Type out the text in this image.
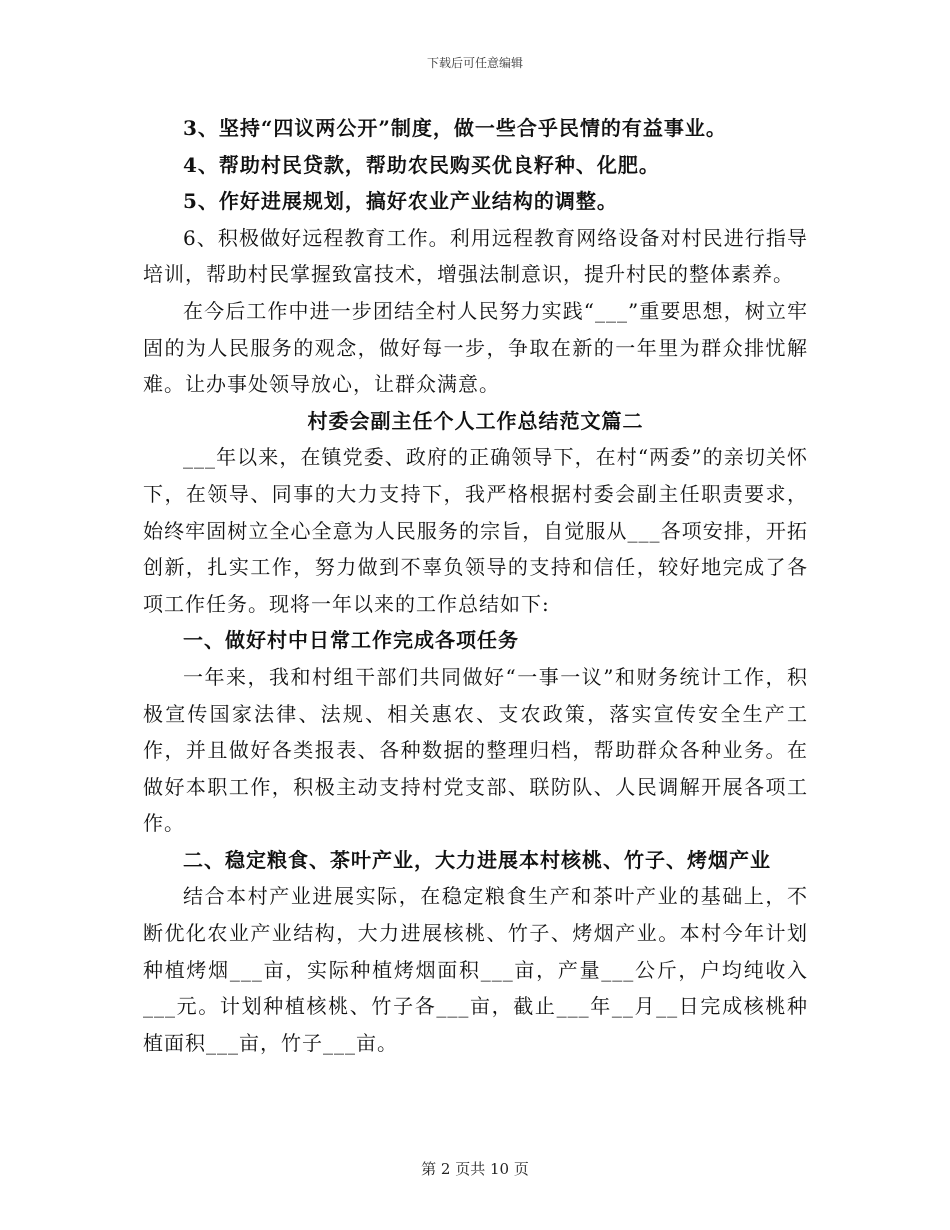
下载后可任意编辑

3、坚持“四议两公开”制度，做一些合乎民情的有益事业。

4、帮助村民贷款，帮助农民购买优良籽种、化肥。

5、作好进展规划，搞好农业产业结构的调整。

6、积极做好远程教育工作。利用远程教育网络设备对村民进行指导培训，帮助村民掌握致富技术，增强法制意识，提升村民的整体素养。

在今后工作中进一步团结全村人民努力实践“___”重要思想，树立牢固的为人民服务的观念，做好每一步，争取在新的一年里为群众排忧解难。让办事处领导放心，让群众满意。

村委会副主任个人工作总结范文篇二

___年以来，在镇党委、政府的正确领导下，在村“两委”的亲切关怀下，在领导、同事的大力支持下，我严格根据村委会副主任职责要求，始终牢固树立全心全意为人民服务的宗旨，自觉服从___各项安排，开拓创新，扎实工作，努力做到不辜负领导的支持和信任，较好地完成了各项工作任务。现将一年以来的工作总结如下:

一、做好村中日常工作完成各项任务

一年来，我和村组干部们共同做好“一事一议”和财务统计工作，积极宣传国家法律、法规、相关惠农、支农政策，落实宣传安全生产工作，并且做好各类报表、各种数据的整理归档，帮助群众各种业务。在做好本职工作，积极主动支持村党支部、联防队、人民调解开展各项工作。

二、稳定粮食、茶叶产业，大力进展本村核桃、竹子、烤烟产业

结合本村产业进展实际，在稳定粮食生产和茶叶产业的基础上，不断优化农业产业结构，大力进展核桃、竹子、烤烟产业。本村今年计划种植烤烟___亩，实际种植烤烟面积___亩，产量___公斤，户均纯收入___元。计划种植核桃、竹子各___亩，截止___年__月__日完成核桃种植面积___亩，竹子___亩。

第 2 页共 10 页
